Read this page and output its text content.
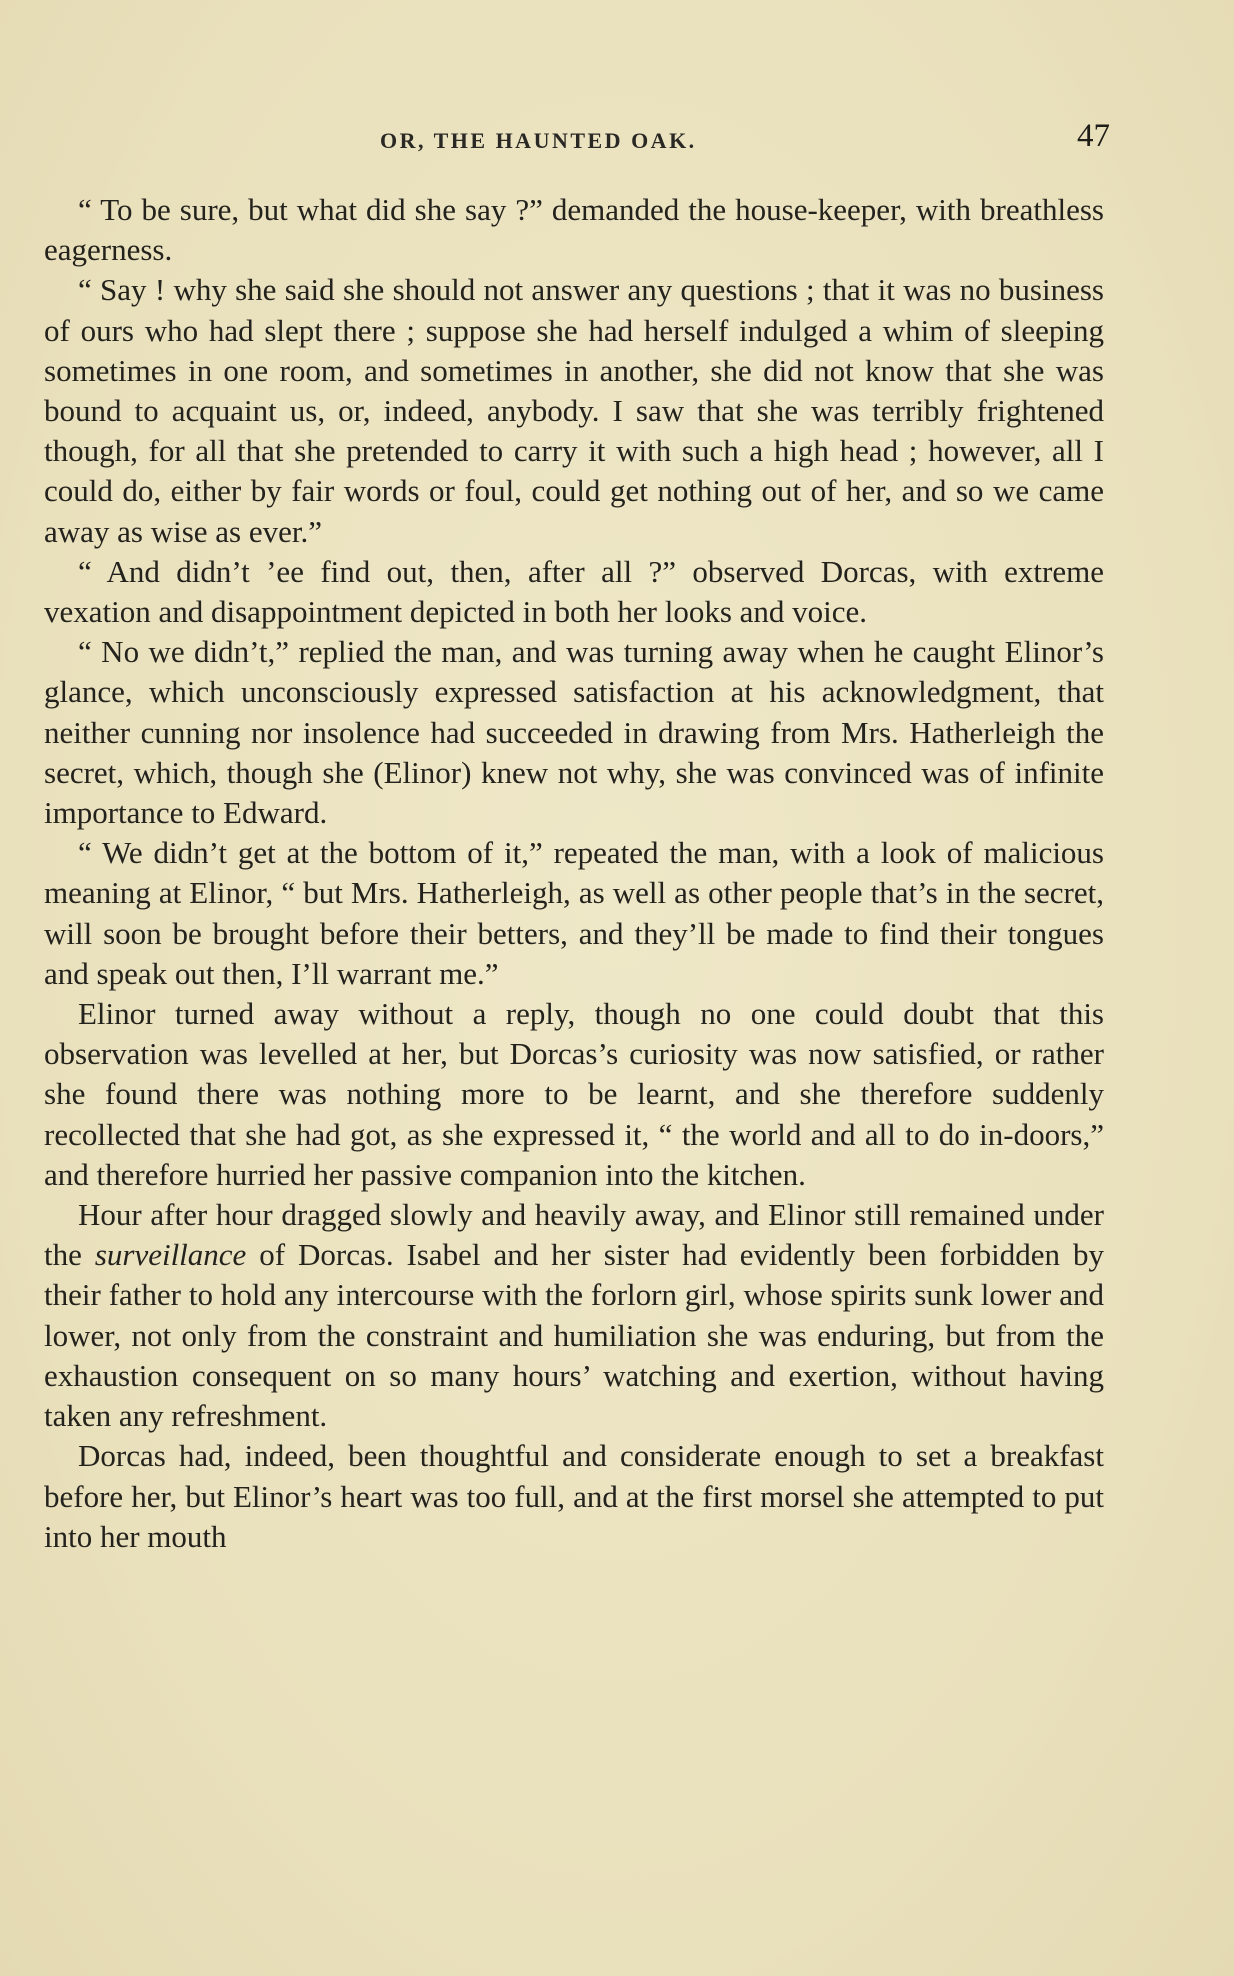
OR, THE HAUNTED OAK.	47

“ To be sure, but what did she say ?” demanded the house-keeper, with breathless eagerness.

“ Say ! why she said she should not answer any questions ; that it was no business of ours who had slept there ; suppose she had herself indulged a whim of sleeping sometimes in one room, and sometimes in another, she did not know that she was bound to acquaint us, or, indeed, anybody. I saw that she was terribly frightened though, for all that she pretended to carry it with such a high head ; however, all I could do, either by fair words or foul, could get nothing out of her, and so we came away as wise as ever.”

“ And didn’t ’ee find out, then, after all ?” observed Dorcas, with extreme vexation and disappointment depicted in both her looks and voice.

“ No we didn’t,” replied the man, and was turning away when he caught Elinor’s glance, which unconsciously expressed satisfaction at his acknowledgment, that neither cunning nor insolence had succeeded in drawing from Mrs. Hatherleigh the secret, which, though she (Elinor) knew not why, she was convinced was of infinite importance to Edward.

“ We didn’t get at the bottom of it,” repeated the man, with a look of malicious meaning at Elinor, “ but Mrs. Hatherleigh, as well as other people that’s in the secret, will soon be brought before their betters, and they’ll be made to find their tongues and speak out then, I’ll warrant me.”

Elinor turned away without a reply, though no one could doubt that this observation was levelled at her, but Dorcas’s curiosity was now satisfied, or rather she found there was nothing more to be learnt, and she therefore suddenly recollected that she had got, as she expressed it, “ the world and all to do in-doors,” and therefore hurried her passive companion into the kitchen.

Hour after hour dragged slowly and heavily away, and Elinor still remained under the surveillance of Dorcas. Isabel and her sister had evidently been forbidden by their father to hold any intercourse with the forlorn girl, whose spirits sunk lower and lower, not only from the constraint and humiliation she was enduring, but from the exhaustion consequent on so many hours’ watching and exertion, without having taken any refreshment.

Dorcas had, indeed, been thoughtful and considerate enough to set a breakfast before her, but Elinor’s heart was too full, and at the first morsel she attempted to put into her mouth
